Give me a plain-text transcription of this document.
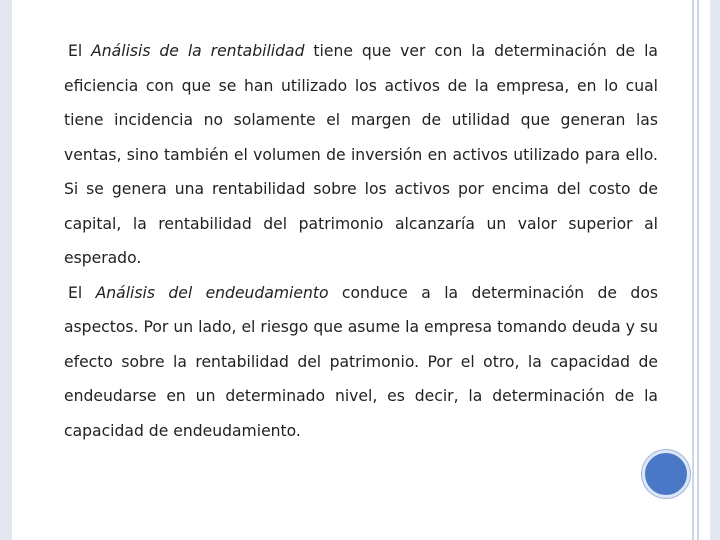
El Análisis de la rentabilidad tiene que ver con la determinación de la eficiencia con que se han utilizado los activos de la empresa, en lo cual tiene incidencia no solamente el margen de utilidad que generan las ventas, sino también el volumen de inversión en activos utilizado para ello. Si se genera una rentabilidad sobre los activos por encima del costo de capital, la rentabilidad del patrimonio alcanzaría un valor superior al esperado.

El Análisis del endeudamiento conduce a la determinación de dos aspectos. Por un lado, el riesgo que asume la empresa tomando deuda y su efecto sobre la rentabilidad del patrimonio. Por el otro, la capacidad de endeudarse en un determinado nivel, es decir, la determinación de la capacidad de endeudamiento.
